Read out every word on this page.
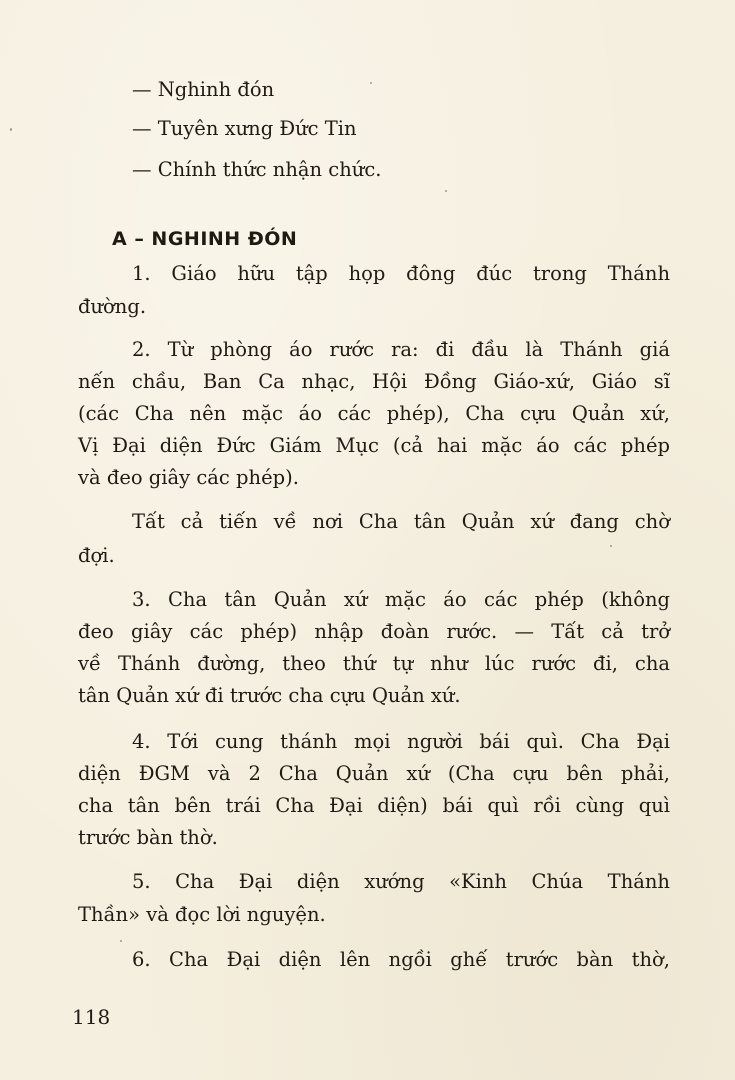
— Nghinh đón
— Tuyên xưng Đức Tin
— Chính thức nhận chức.
A – NGHINH ĐÓN
1. Giáo hữu tập họp đông đúc trong Thánh
đường.
2. Từ phòng áo rước ra: đi đầu là Thánh giá
nến chầu, Ban Ca nhạc, Hội Đồng Giáo-xứ, Giáo sĩ
(các Cha nên mặc áo các phép), Cha cựu Quản xứ,
Vị Đại diện Đức Giám Mục (cả hai mặc áo các phép
và đeo giây các phép).
Tất cả tiến về nơi Cha tân Quản xứ đang chờ
đợi.
3. Cha tân Quản xứ mặc áo các phép (không
đeo giây các phép) nhập đoàn rước. — Tất cả trở
về Thánh đường, theo thứ tự như lúc rước đi, cha
tân Quản xứ đi trước cha cựu Quản xứ.
4. Tới cung thánh mọi người bái quì. Cha Đại
diện ĐGM và 2 Cha Quản xứ (Cha cựu bên phải,
cha tân bên trái Cha Đại diện) bái quì rồi cùng quì
trước bàn thờ.
5. Cha Đại diện xướng «Kinh Chúa Thánh
Thần» và đọc lời nguyện.
6. Cha Đại diện lên ngồi ghế trước bàn thờ,
118
